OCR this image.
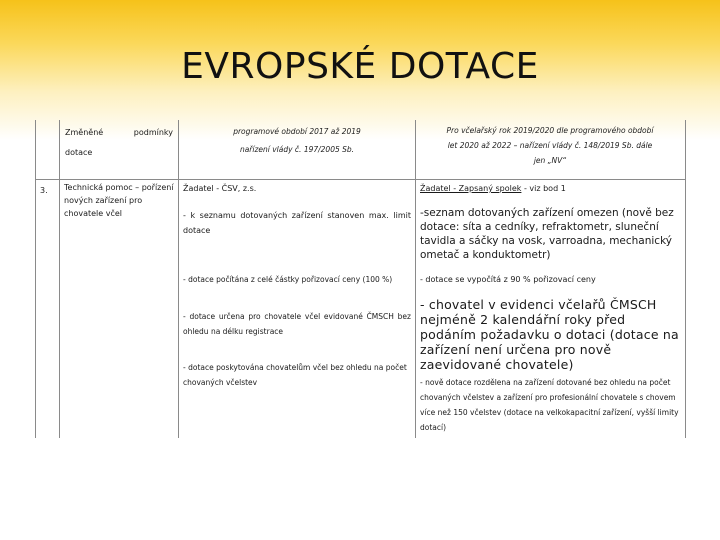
EVROPSKÉ DOTACE
Změněné	podmínky
dotace
programové období 2017 až 2019
nařízení vlády č. 197/2005 Sb.
Pro včelařský rok 2019/2020 dle programového období
let 2020 až 2022 – nařízení vlády č. 148/2019 Sb. dále
jen „NV“
3. Technická pomoc – pořízení nových zařízení pro chovatele včel
Žadatel - ČSV, z.s.
- k seznamu dotovaných zařízení stanoven max. limit dotace
- dotace počítána z celé částky pořizovací ceny (100 %)
- dotace určena pro chovatele včel evidované ČMSCH bez ohledu na délku registrace
- dotace poskytována chovatelům včel bez ohledu na počet chovaných včelstev
Žadatel - Zapsaný spolek - viz bod 1
-seznam dotovaných zařízení omezen (nově bez dotace: síta a cedníky, refraktometr, sluneční tavidla a sáčky na vosk, varroadna, mechanický ometač a konduktometr)
- dotace se vypočítá z 90 % pořizovací ceny
- chovatel v evidenci včelařů ČMSCH nejméně 2 kalendářní roky před podáním požadavku o dotaci (dotace na zařízení není určena pro nově zaevidované chovatele)
- nově dotace rozdělena na zařízení dotované bez ohledu na počet chovaných včelstev a zařízení pro profesionální chovatele s chovem více než 150 včelstev (dotace na velkokapacitní zařízení, vyšší limity dotací)
